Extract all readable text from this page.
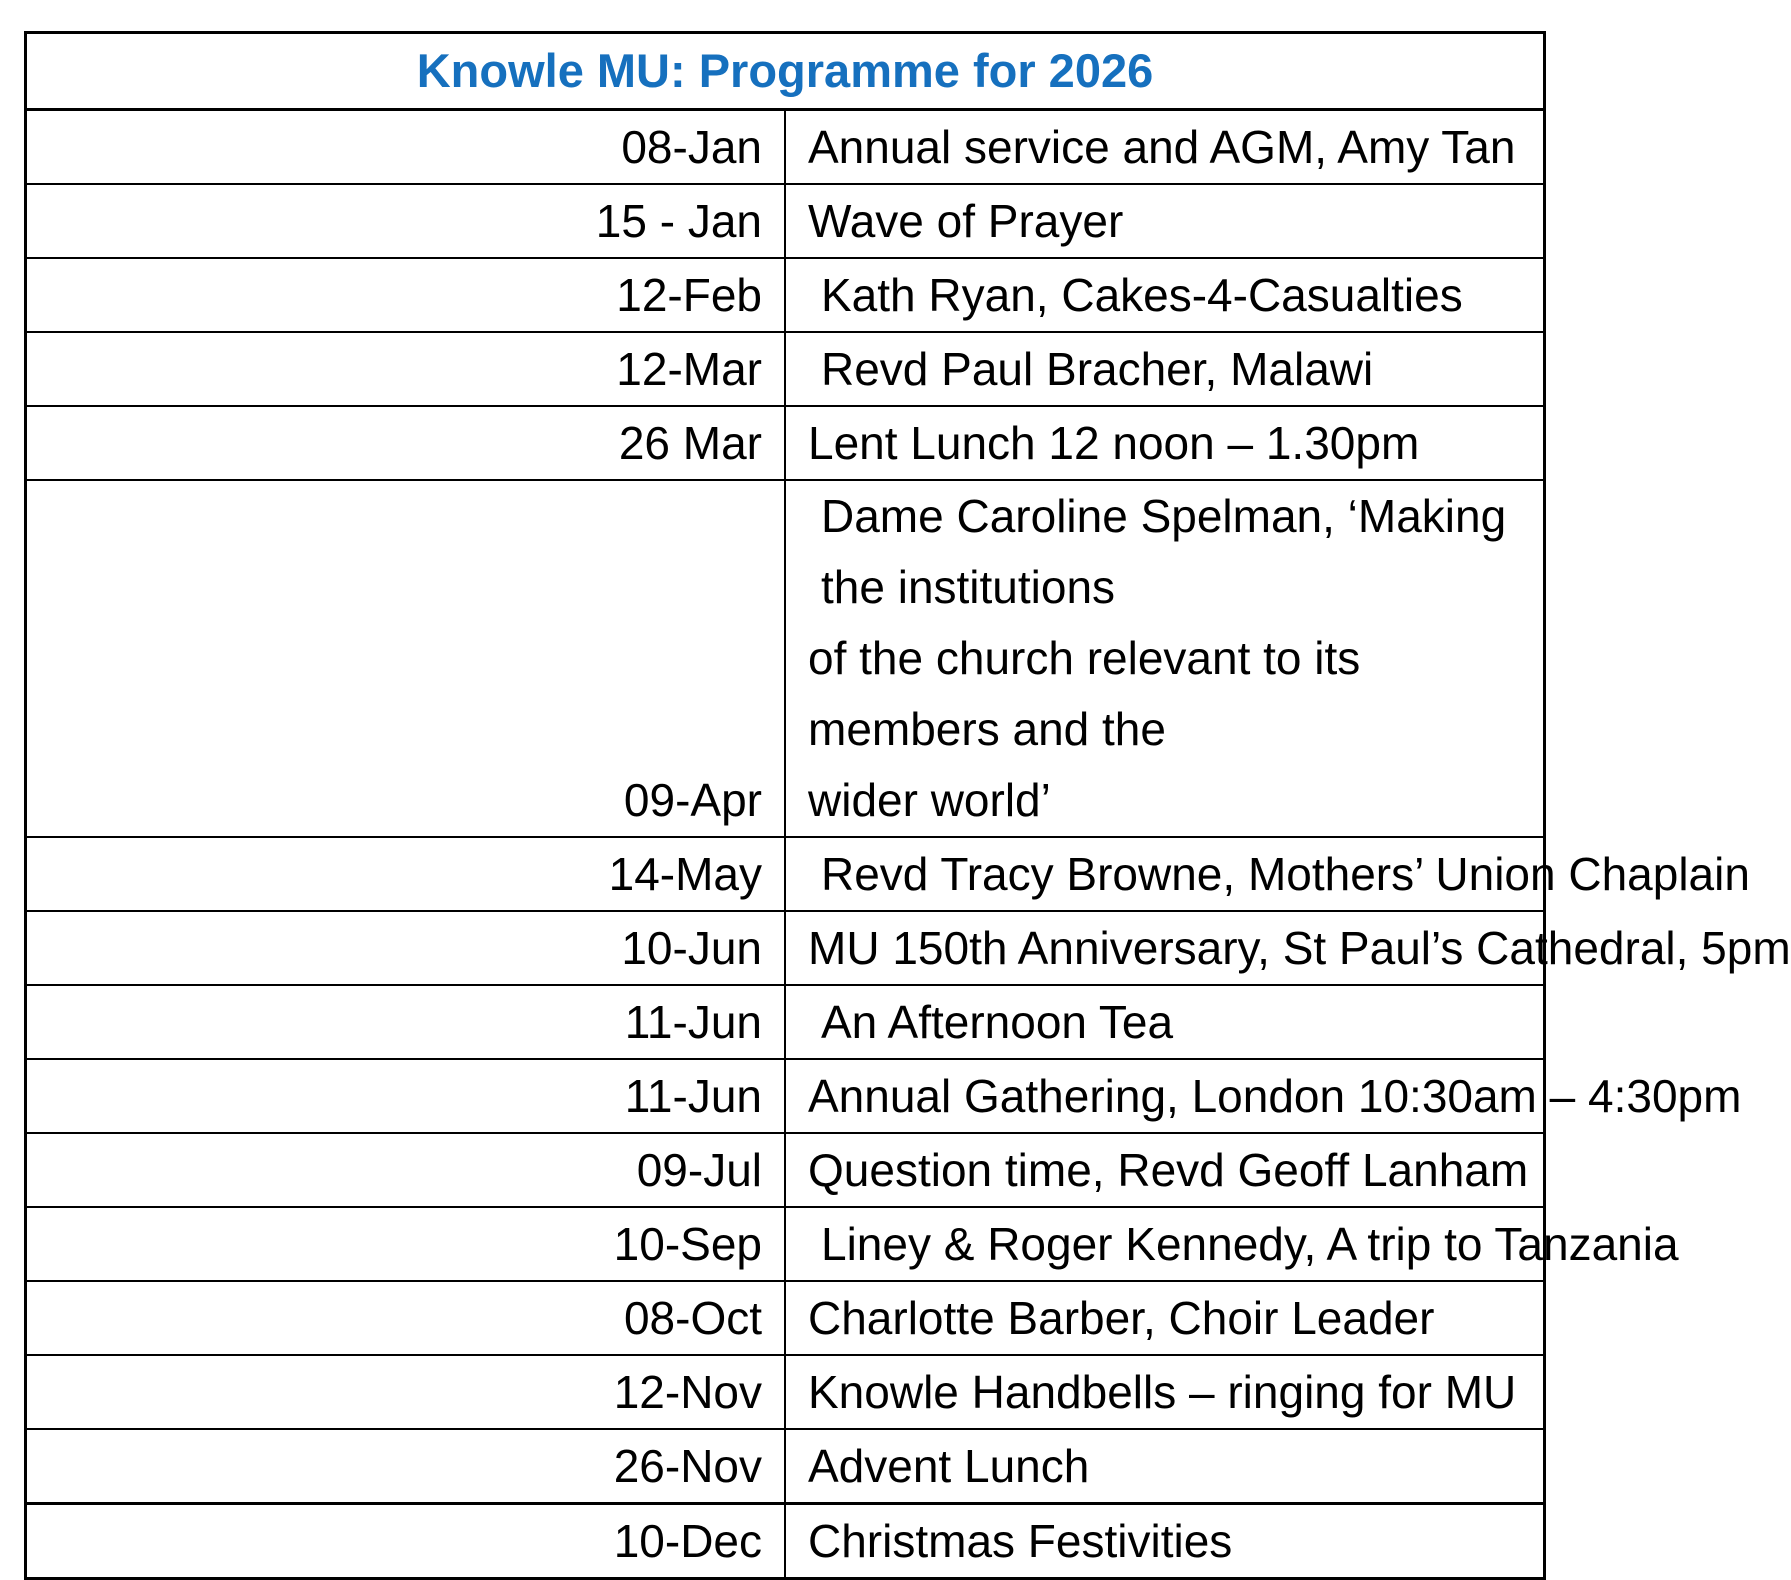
Knowle MU: Programme for 2026	
08-Jan	Annual service and AGM, Amy Tan
15 - Jan	Wave of Prayer
12-Feb	Kath Ryan, Cakes-4-Casualties
12-Mar	Revd Paul Bracher, Malawi
26 Mar	Lent Lunch 12 noon – 1.30pm
09-Apr	Dame Caroline Spelman, ‘Making the institutions
of the church relevant to its members and the
wider world’

14-May	Revd Tracy Browne, Mothers’ Union Chaplain
10-Jun	MU 150th Anniversary, St Paul’s Cathedral, 5pm
11-Jun	An Afternoon Tea
11-Jun	Annual Gathering, London 10:30am – 4:30pm
09-Jul	Question time, Revd Geoff Lanham
10-Sep	Liney & Roger Kennedy, A trip to Tanzania
08-Oct	Charlotte Barber, Choir Leader
12-Nov	Knowle Handbells – ringing for MU
26-Nov	Advent Lunch
10-Dec	Christmas Festivities
